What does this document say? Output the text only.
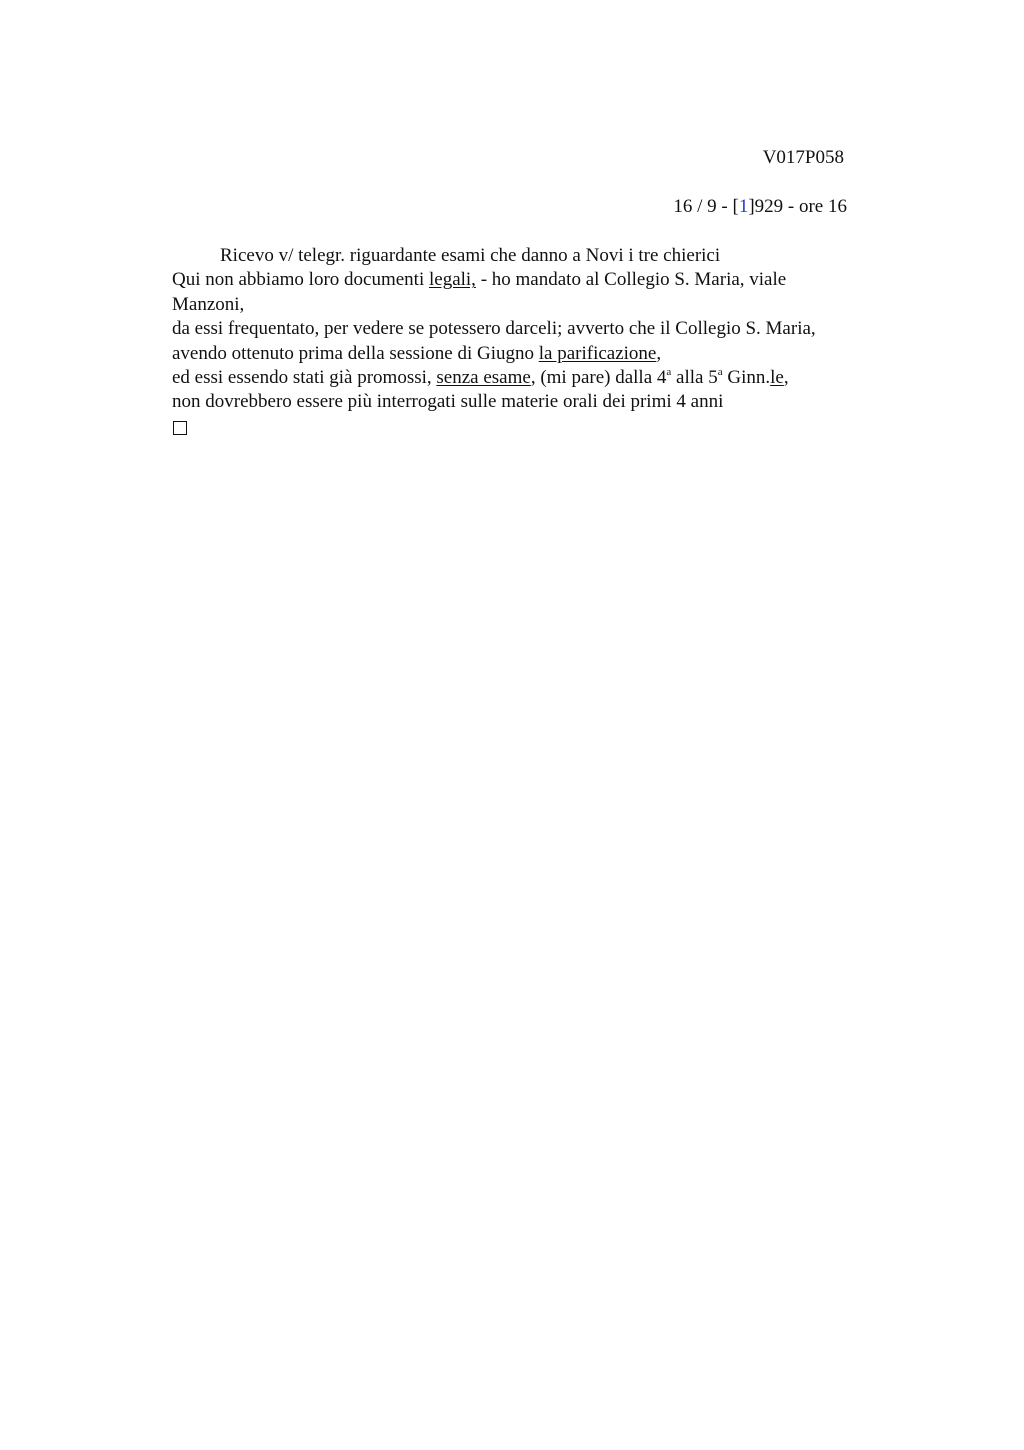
V017P058
16 / 9 - [1]929 - ore 16
Ricevo v/ telegr. riguardante esami che danno a Novi i tre chierici
Qui non abbiamo loro documenti legali, - ho mandato al Collegio S. Maria, viale
Manzoni,
da essi frequentato, per vedere se potessero darceli; avverto che il Collegio S. Maria,
avendo ottenuto prima della sessione di Giugno la parificazione,
ed essi essendo stati già promossi, senza esame, (mi pare) dalla 4$^a$ alla 5$^a$ Ginn.le,
non dovrebbero essere più interrogati sulle materie orali dei primi 4 anni
